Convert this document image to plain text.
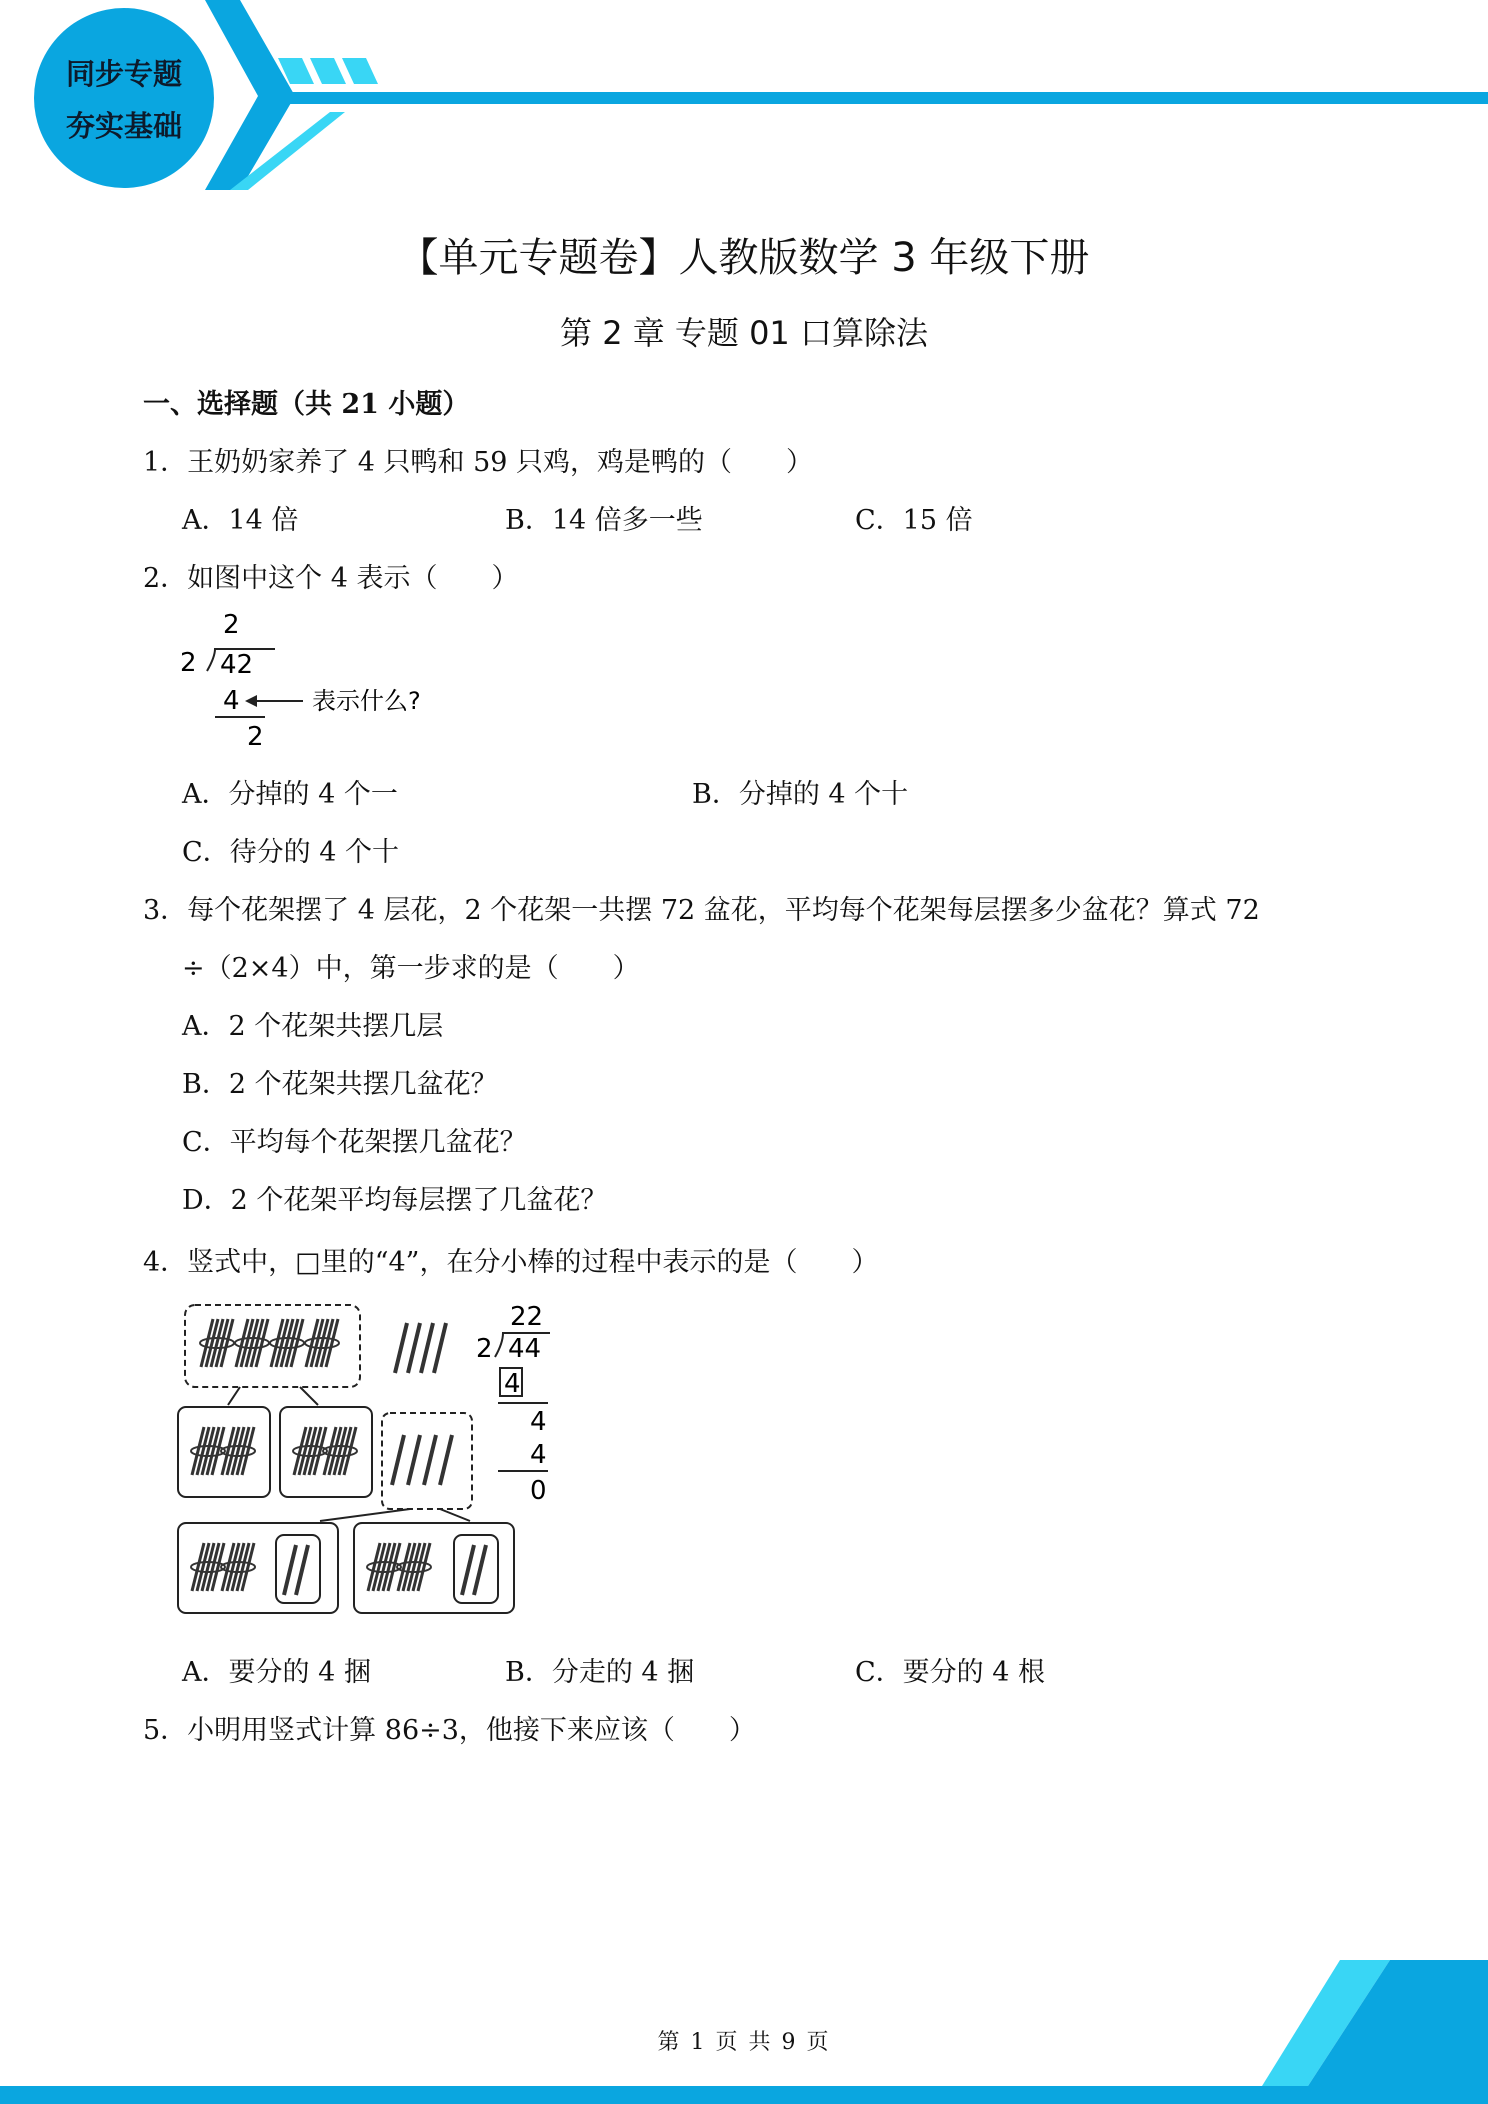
同步专题
夯实基础
【单元专题卷】人教版数学 3 年级下册
第 2 章 专题 01 口算除法
一、选择题（共 21 小题）
1．王奶奶家养了 4 只鸭和 59 只鸡，鸡是鸭的（　　）
A．14 倍	B．14 倍多一些	C．15 倍
2．如图中这个 4 表示（　　）
2
2 42
4	表示什么?
2
A．分掉的 4 个一	B．分掉的 4 个十
C．待分的 4 个十
3．每个花架摆了 4 层花，2 个花架一共摆 72 盆花，平均每个花架每层摆多少盆花？算式 72
÷（2×4）中，第一步求的是（　　）
A．2 个花架共摆几层
B．2 个花架共摆几盆花？
C．平均每个花架摆几盆花？
D．2 个花架平均每层摆了几盆花？
4．竖式中，□里的“4”，在分小棒的过程中表示的是（　　）
22
2 44
4
4
4
0
A．要分的 4 捆	B．分走的 4 捆	C．要分的 4 根
5．小明用竖式计算 86÷3，他接下来应该（　　）
第 1 页 共 9 页
